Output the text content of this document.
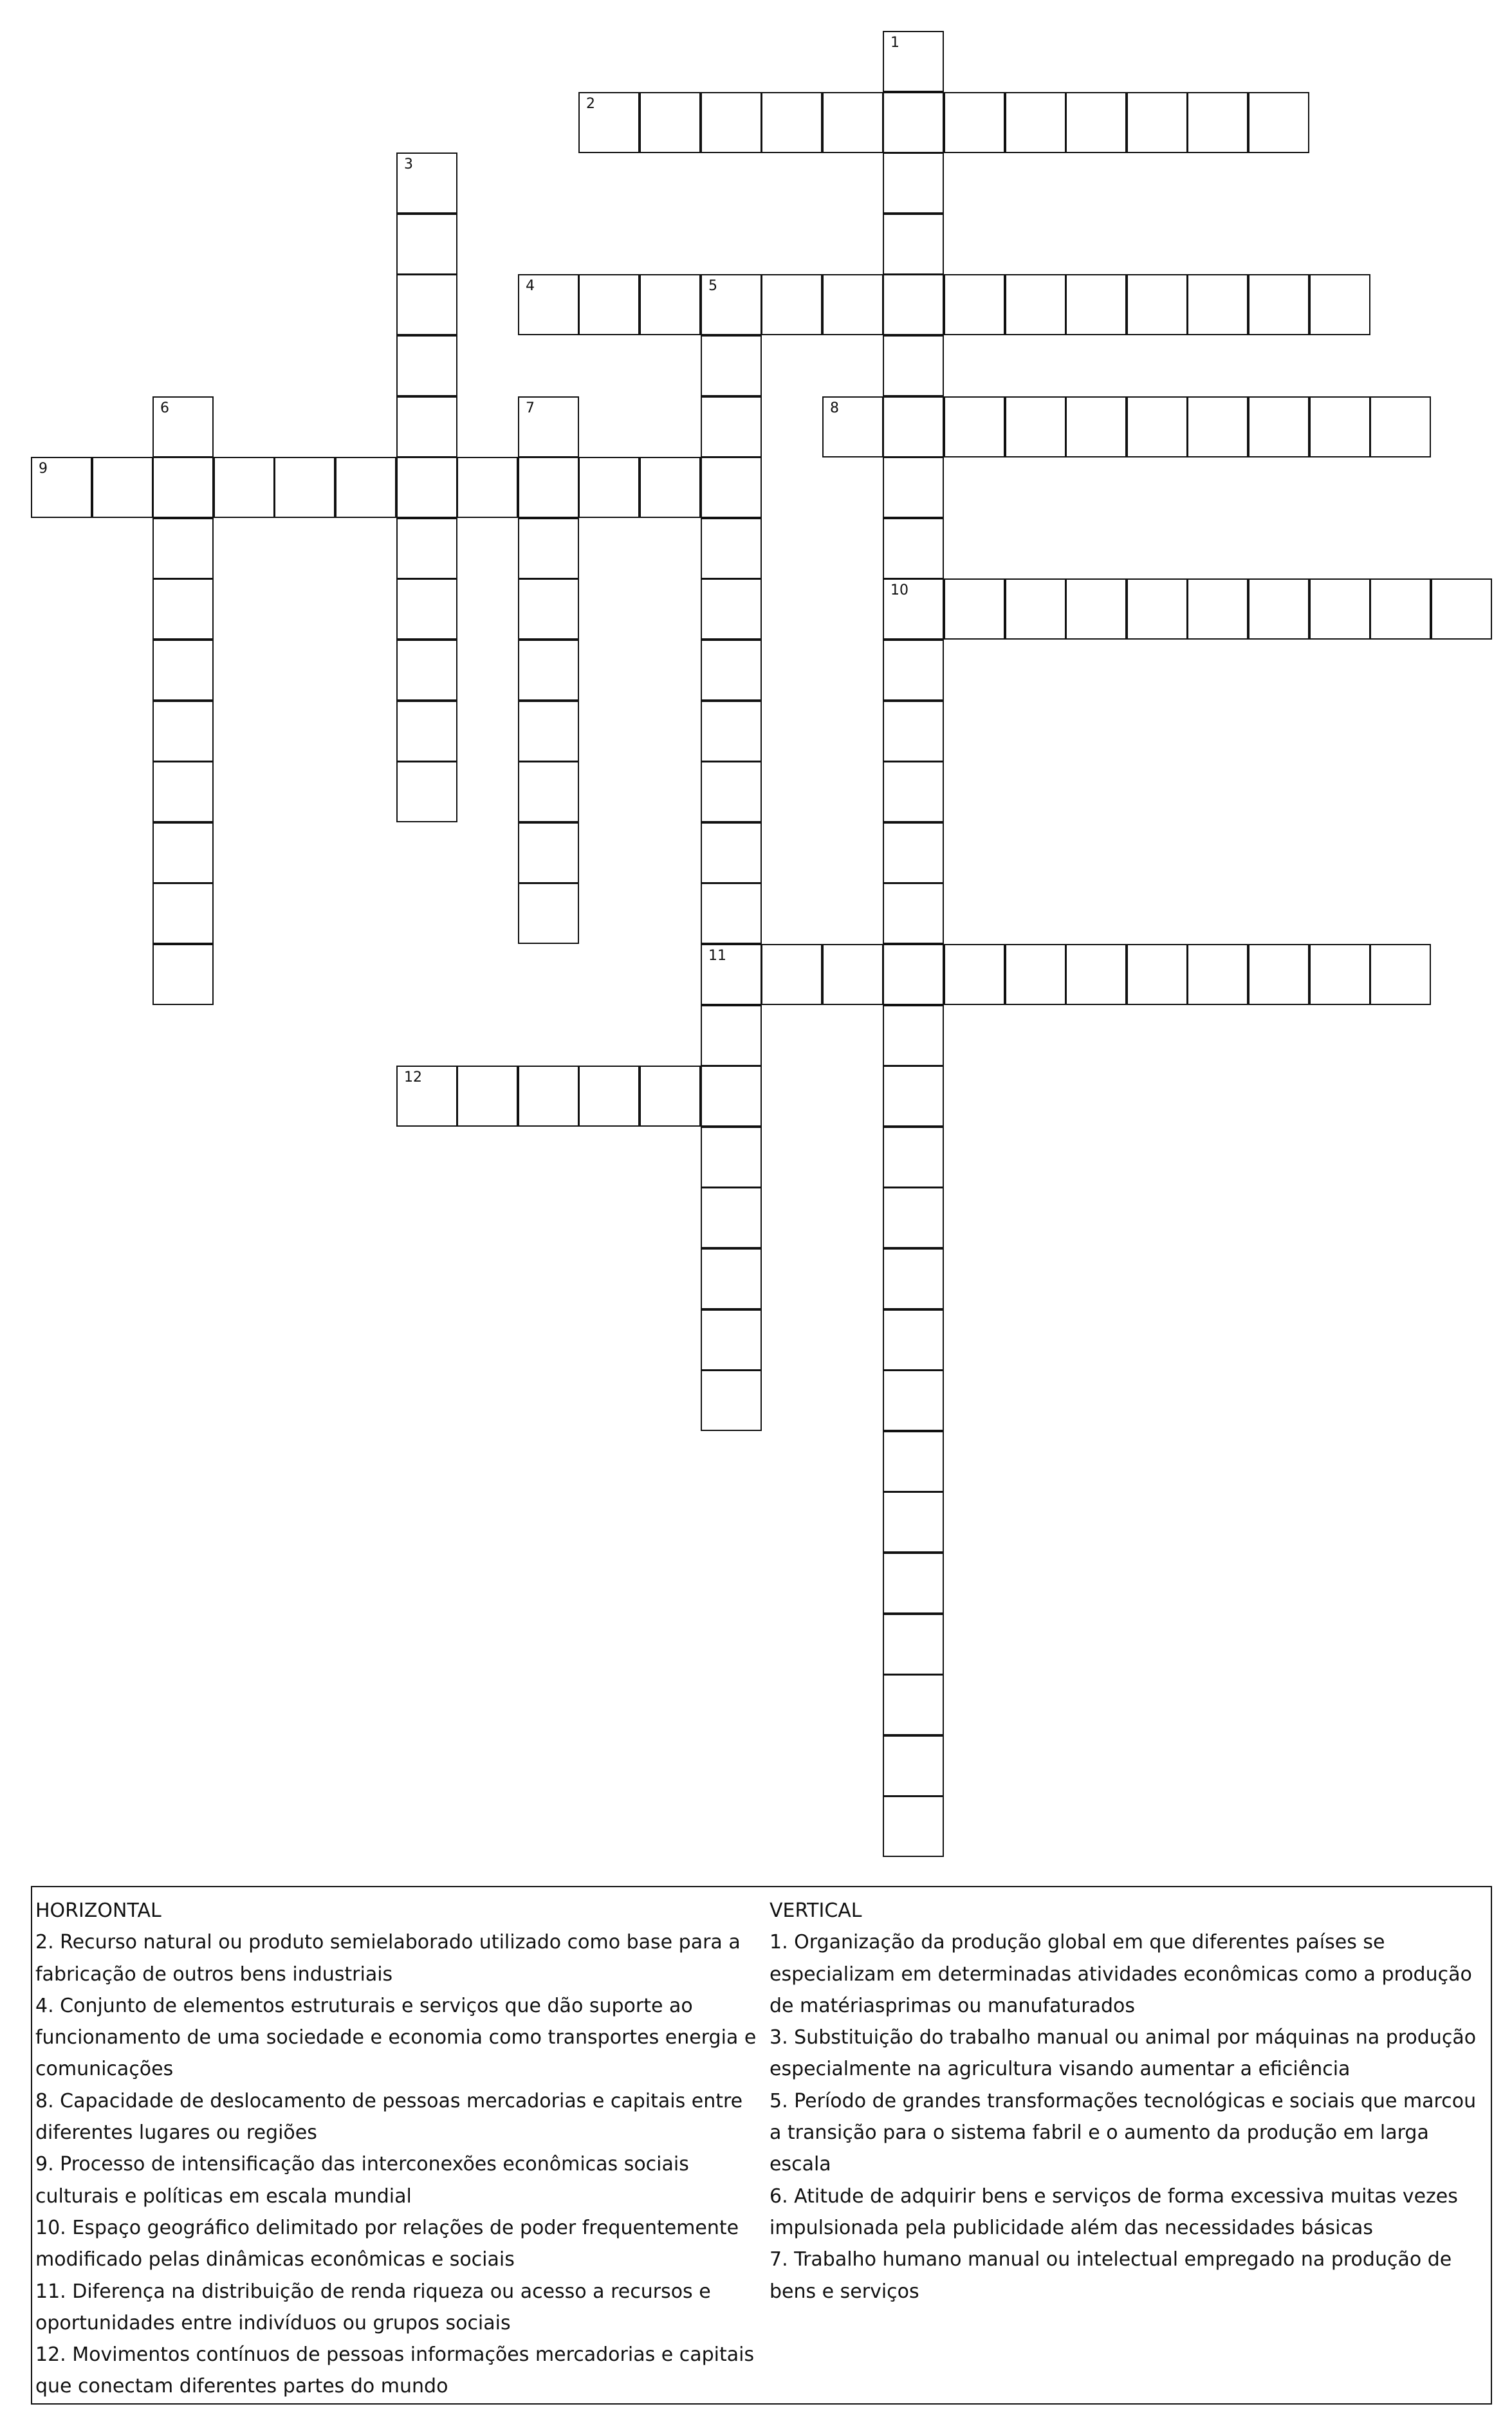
1
10
2
3
4	5
11
6	7	8
9
12
HORIZONTAL
2. Recurso natural ou produto semielaborado utilizado como base para a fabricação de outros bens industriais
4. Conjunto de elementos estruturais e serviços que dão suporte ao funcionamento de uma sociedade e economia como transportes energia e comunicações
8. Capacidade de deslocamento de pessoas mercadorias e capitais entre diferentes lugares ou regiões
9. Processo de intensificação das interconexões econômicas sociais culturais e políticas em escala mundial
10. Espaço geográfico delimitado por relações de poder frequentemente modificado pelas dinâmicas econômicas e sociais
11. Diferença na distribuição de renda riqueza ou acesso a recursos e oportunidades entre indivíduos ou grupos sociais
12. Movimentos contínuos de pessoas informações mercadorias e capitais que conectam diferentes partes do mundo
VERTICAL
1. Organização da produção global em que diferentes países se especializam em determinadas atividades econômicas como a produção de matériasprimas ou manufaturados
3. Substituição do trabalho manual ou animal por máquinas na produção especialmente na agricultura visando aumentar a eficiência
5. Período de grandes transformações tecnológicas e sociais que marcou a transição para o sistema fabril e o aumento da produção em larga escala
6. Atitude de adquirir bens e serviços de forma excessiva muitas vezes impulsionada pela publicidade além das necessidades básicas
7. Trabalho humano manual ou intelectual empregado na produção de bens e serviços
